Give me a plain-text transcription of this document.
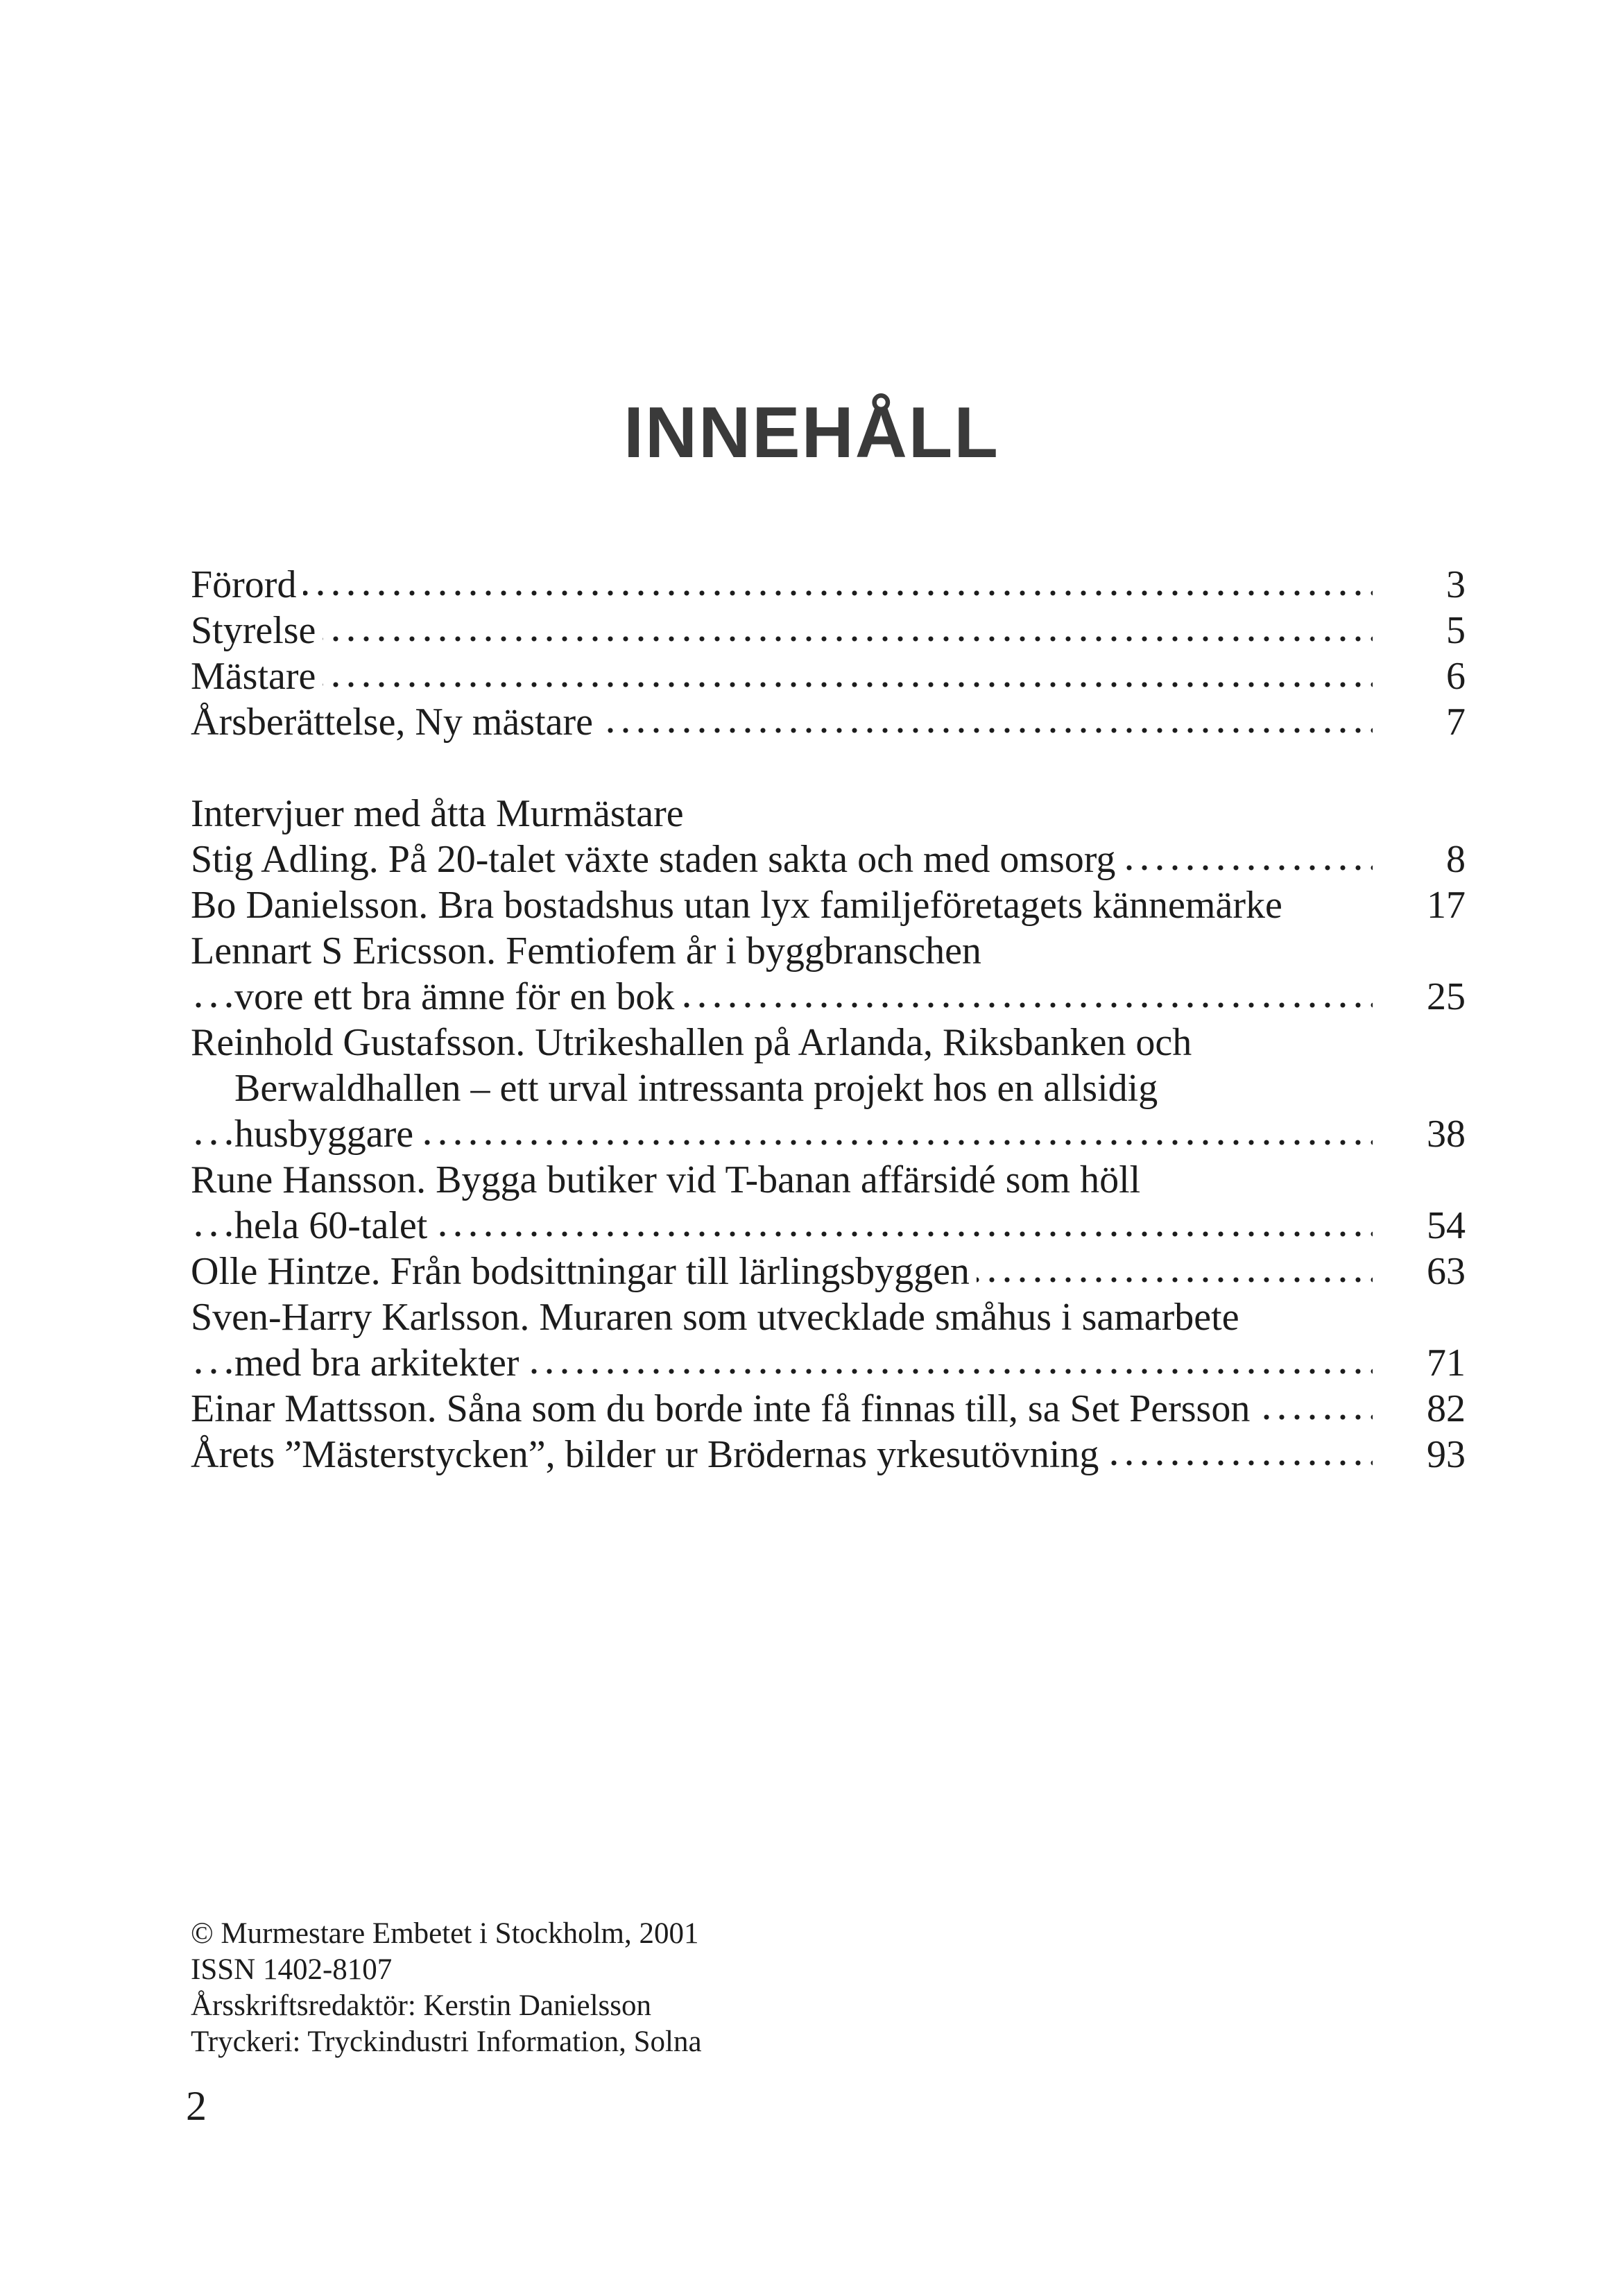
INNEHÅLL
Förord	3
Styrelse	5
Mästare	6
Årsberättelse, Ny mästare	7
Intervjuer med åtta Murmästare
Stig Adling. På 20-talet växte staden sakta och med omsorg	8
Bo Danielsson. Bra bostadshus utan lyx familjeföretagets kännemärke	17
Lennart S Ericsson. Femtiofem år i byggbranschen
vore ett bra ämne för en bok	25
Reinhold Gustafsson. Utrikeshallen på Arlanda, Riksbanken och
Berwaldhallen – ett urval intressanta projekt hos en allsidig
husbyggare	38
Rune Hansson. Bygga butiker vid T-banan affärsidé som höll
hela 60-talet	54
Olle Hintze. Från bodsittningar till lärlingsbyggen	63
Sven-Harry Karlsson. Muraren som utvecklade småhus i samarbete
med bra arkitekter	71
Einar Mattsson. Såna som du borde inte få finnas till, sa Set Persson	82
Årets ”Mästerstycken”, bilder ur Brödernas yrkesutövning	93
© Murmestare Embetet i Stockholm, 2001
ISSN 1402-8107
Årsskriftsredaktör: Kerstin Danielsson
Tryckeri: Tryckindustri Information, Solna
2
